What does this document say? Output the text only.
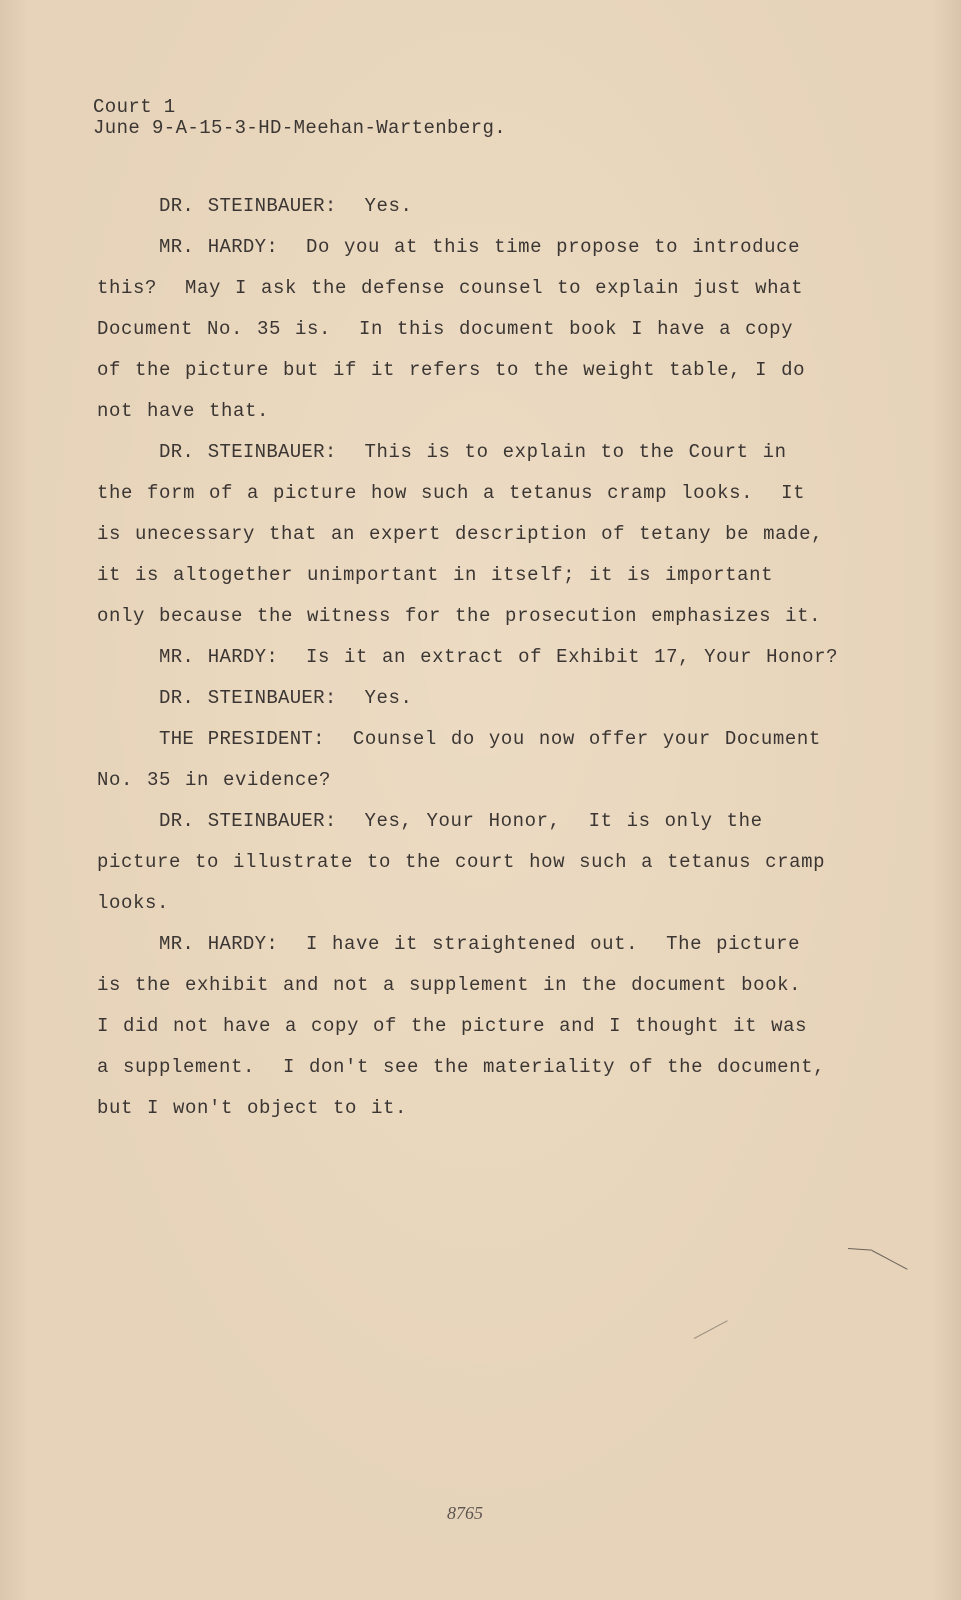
Court 1
June 9-A-15-3-HD-Meehan-Wartenberg.
DR. STEINBAUER: Yes.
MR. HARDY: Do you at this time propose to introduce
this?  May I ask the defense counsel to explain just what
Document No. 35 is.  In this document book I have a copy
of the picture but if it refers to the weight table, I do
not have that.
DR. STEINBAUER: This is to explain to the Court in
the form of a picture how such a tetanus cramp looks.  It
is unecessary that an expert description of tetany be made,
it is altogether unimportant in itself; it is important
only because the witness for the prosecution emphasizes it.
MR. HARDY: Is it an extract of Exhibit 17, Your Honor?
DR. STEINBAUER: Yes.
THE PRESIDENT: Counsel do you now offer your Document
No. 35 in evidence?
DR. STEINBAUER: Yes, Your Honor,  It is only the
picture to illustrate to the court how such a tetanus cramp
looks.
MR. HARDY: I have it straightened out.  The picture
is the exhibit and not a supplement in the document book.
I did not have a copy of the picture and I thought it was
a supplement.  I don't see the materiality of the document,
but I won't object to it.
8765
